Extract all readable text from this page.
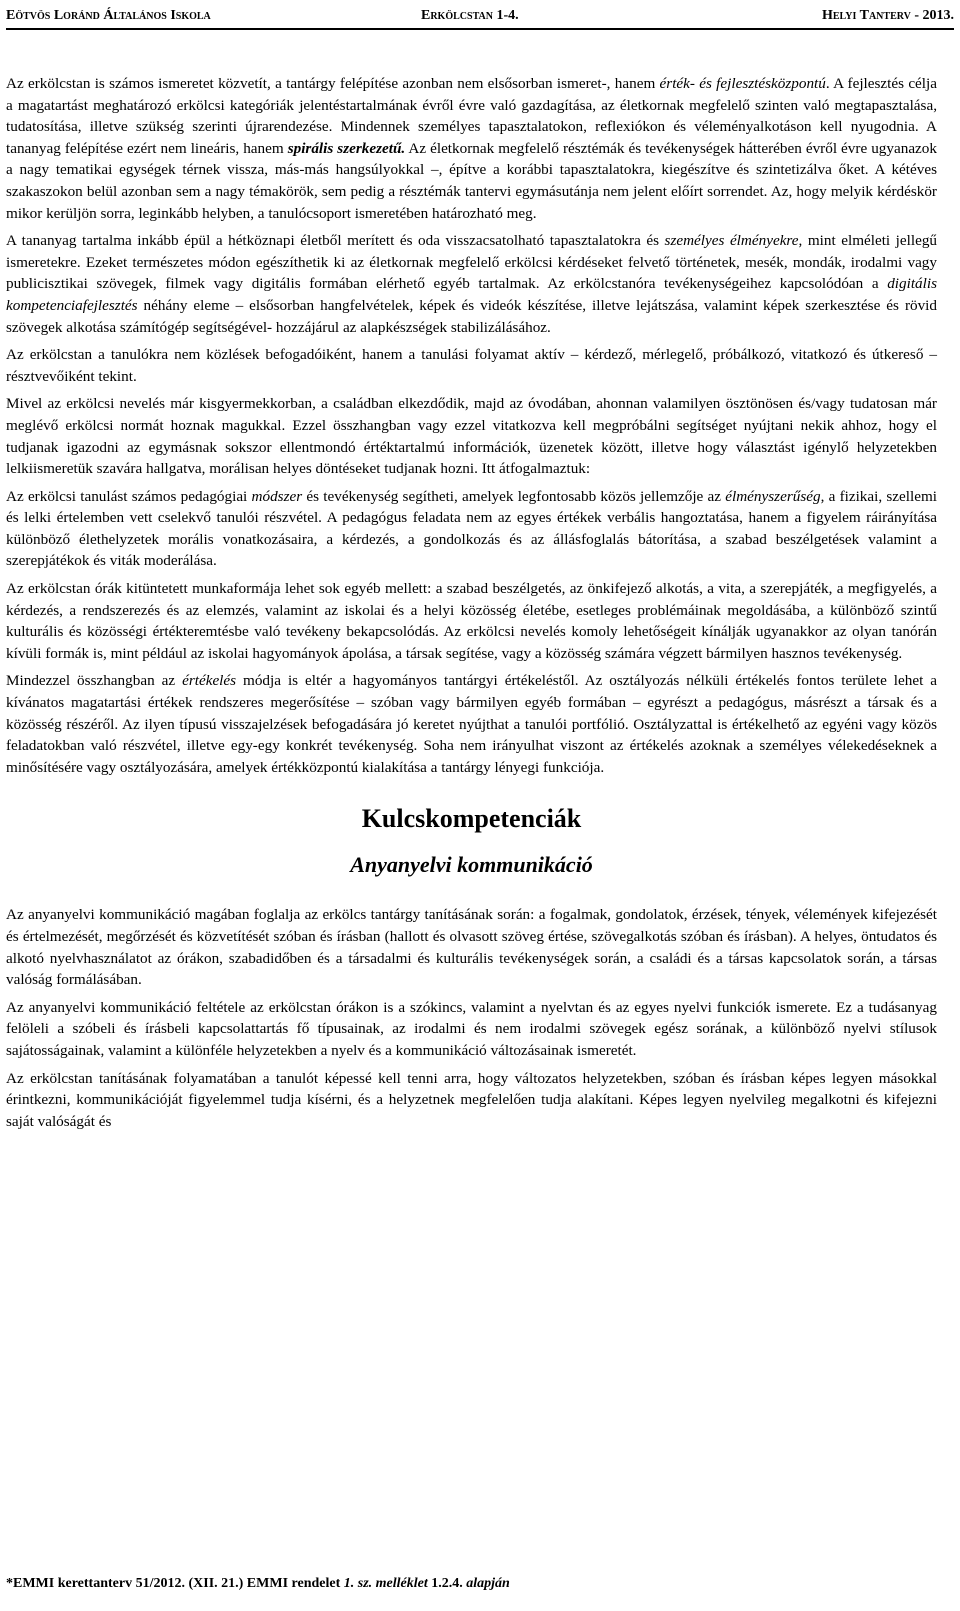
Eötvös Loránd Általános Iskola	Erkölcstan 1-4.	Helyi Tanterv - 2013.

Az erkölcstan is számos ismeretet közvetít, a tantárgy felépítése azonban nem elsősorban ismeret-, hanem érték- és fejlesztésközpontú. A fejlesztés célja a magatartást meghatározó erkölcsi kategóriák jelentéstartalmának évről évre való gazdagítása, az életkornak megfelelő szinten való megtapasztalása, tudatosítása, illetve szükség szerinti újrarendezése. Mindennek személyes tapasztalatokon, reflexiókon és véleményalkotáson kell nyugodnia. A tananyag felépítése ezért nem lineáris, hanem spirális szerkezetű. Az életkornak megfelelő résztémák és tevékenységek hátterében évről évre ugyanazok a nagy tematikai egységek térnek vissza, más-más hangsúlyokkal –, építve a korábbi tapasztalatokra, kiegészítve és szintetizálva őket. A kétéves szakaszokon belül azonban sem a nagy témakörök, sem pedig a résztémák tantervi egymásutánja nem jelent előírt sorrendet. Az, hogy melyik kérdéskör mikor kerüljön sorra, leginkább helyben, a tanulócsoport ismeretében határozható meg.

A tananyag tartalma inkább épül a hétköznapi életből merített és oda visszacsatolható tapasztalatokra és személyes élményekre, mint elméleti jellegű ismeretekre. Ezeket természetes módon egészíthetik ki az életkornak megfelelő erkölcsi kérdéseket felvető történetek, mesék, mondák, irodalmi vagy publicisztikai szövegek, filmek vagy digitális formában elérhető egyéb tartalmak. Az erkölcstanóra tevékenységeihez kapcsolódóan a digitális kompetenciafejlesztés néhány eleme – elsősorban hangfelvételek, képek és videók készítése, illetve lejátszása, valamint képek szerkesztése és rövid szövegek alkotása számítógép segítségével- hozzájárul az alapkészségek stabilizálásához.

Az erkölcstan a tanulókra nem közlések befogadóiként, hanem a tanulási folyamat aktív – kérdező, mérlegelő, próbálkozó, vitatkozó és útkereső – résztvevőiként tekint.

Mivel az erkölcsi nevelés már kisgyermekkorban, a családban elkezdődik, majd az óvodában, ahonnan valamilyen ösztönösen és/vagy tudatosan már meglévő erkölcsi normát hoznak magukkal. Ezzel összhangban vagy ezzel vitatkozva kell megpróbálni segítséget nyújtani nekik ahhoz, hogy el tudjanak igazodni az egymásnak sokszor ellentmondó értéktartalmú információk, üzenetek között, illetve hogy választást igénylő helyzetekben lelkiismeretük szavára hallgatva, morálisan helyes döntéseket tudjanak hozni. Itt átfogalmaztuk:

Az erkölcsi tanulást számos pedagógiai módszer és tevékenység segítheti, amelyek legfontosabb közös jellemzője az élményszerűség, a fizikai, szellemi és lelki értelemben vett cselekvő tanulói részvétel. A pedagógus feladata nem az egyes értékek verbális hangoztatása, hanem a figyelem ráirányítása különböző élethelyzetek morális vonatkozásaira, a kérdezés, a gondolkozás és az állásfoglalás bátorítása, a szabad beszélgetések valamint a szerepjátékok és viták moderálása.

Az erkölcstan órák kitüntetett munkaformája lehet sok egyéb mellett: a szabad beszélgetés, az önkifejező alkotás, a vita, a szerepjáték, a megfigyelés, a kérdezés, a rendszerezés és az elemzés, valamint az iskolai és a helyi közösség életébe, esetleges problémáinak megoldásába, a különböző szintű kulturális és közösségi értékteremtésbe való tevékeny bekapcsolódás. Az erkölcsi nevelés komoly lehetőségeit kínálják ugyanakkor az olyan tanórán kívüli formák is, mint például az iskolai hagyományok ápolása, a társak segítése, vagy a közösség számára végzett bármilyen hasznos tevékenység.

Mindezzel összhangban az értékelés módja is eltér a hagyományos tantárgyi értékeléstől. Az osztályozás nélküli értékelés fontos területe lehet a kívánatos magatartási értékek rendszeres megerősítése – szóban vagy bármilyen egyéb formában – egyrészt a pedagógus, másrészt a társak és a közösség részéről. Az ilyen típusú visszajelzések befogadására jó keretet nyújthat a tanulói portfólió. Osztályzattal is értékelhető az egyéni vagy közös feladatokban való részvétel, illetve egy-egy konkrét tevékenység. Soha nem irányulhat viszont az értékelés azoknak a személyes vélekedéseknek a minősítésére vagy osztályozására, amelyek értékközpontú kialakítása a tantárgy lényegi funkciója.

Kulcskompetenciák

Anyanyelvi kommunikáció

Az anyanyelvi kommunikáció magában foglalja az erkölcs tantárgy tanításának során: a fogalmak, gondolatok, érzések, tények, vélemények kifejezését és értelmezését, megőrzését és közvetítését szóban és írásban (hallott és olvasott szöveg értése, szövegalkotás szóban és írásban). A helyes, öntudatos és alkotó nyelvhasználatot az órákon, szabadidőben és a társadalmi és kulturális tevékenységek során, a családi és a társas kapcsolatok során, a társas valóság formálásában.

Az anyanyelvi kommunikáció feltétele az erkölcstan órákon is a szókincs, valamint a nyelvtan és az egyes nyelvi funkciók ismerete. Ez a tudásanyag felöleli a szóbeli és írásbeli kapcsolattartás fő típusainak, az irodalmi és nem irodalmi szövegek egész sorának, a különböző nyelvi stílusok sajátosságainak, valamint a különféle helyzetekben a nyelv és a kommunikáció változásainak ismeretét.

Az erkölcstan tanításának folyamatában a tanulót képessé kell tenni arra, hogy változatos helyzetekben, szóban és írásban képes legyen másokkal érintkezni, kommunikációját figyelemmel tudja kísérni, és a helyzetnek megfelelően tudja alakítani. Képes legyen nyelvileg megalkotni és kifejezni saját valóságát és

*EMMI kerettanterv 51/2012. (XII. 21.) EMMI rendelet 1. sz. melléklet 1.2.4. alapján
